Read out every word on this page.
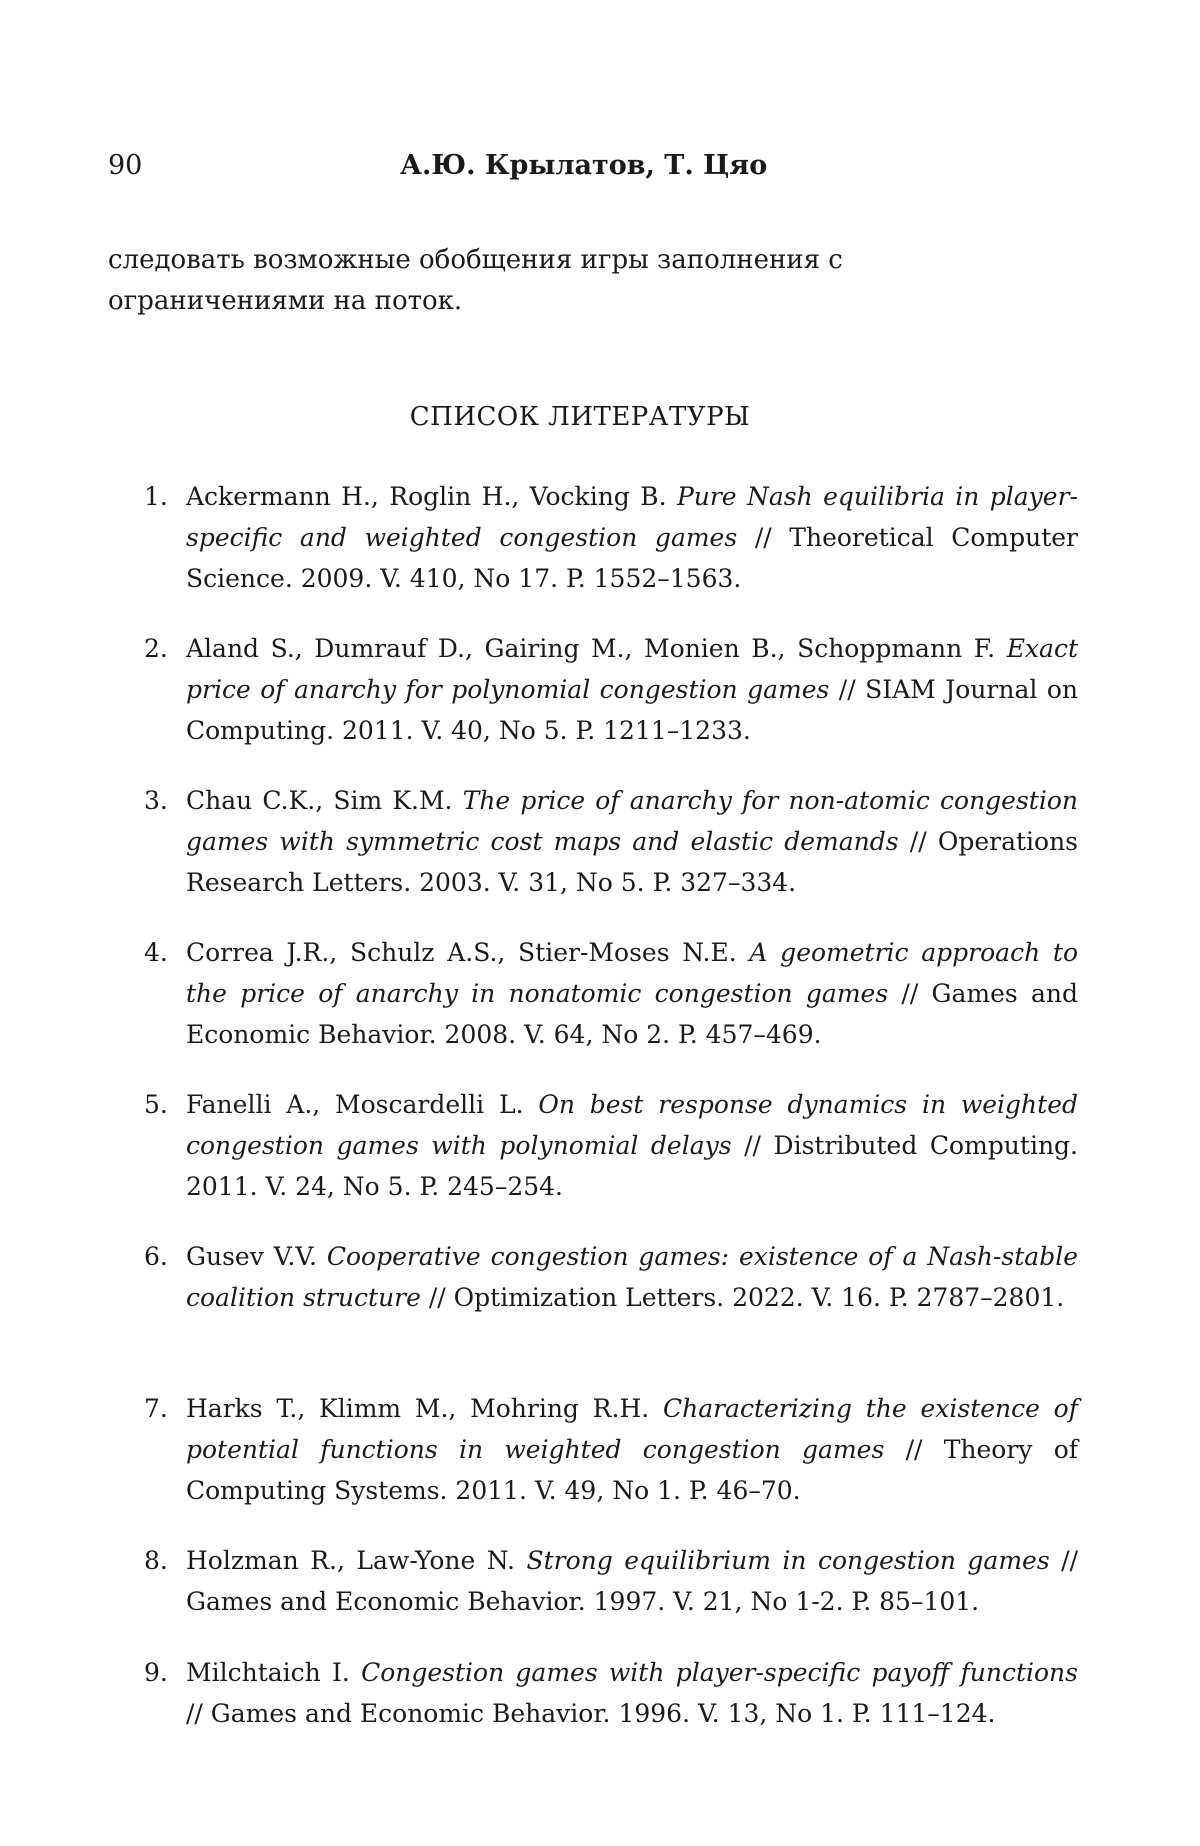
90	А.Ю. Крылатов, Т. Цяо

следовать возможные обобщения игры заполнения с ограничениями на поток.

СПИСОК ЛИТЕРАТУРЫ
1. Ackermann H., Roglin H., Vocking B. Pure Nash equilibria in player-specific and weighted congestion games // Theoretical Computer Science. 2009. V. 410, No 17. P. 1552–1563.
2. Aland S., Dumrauf D., Gairing M., Monien B., Schoppmann F. Exact price of anarchy for polynomial congestion games // SIAM Journal on Computing. 2011. V. 40, No 5. P. 1211–1233.
3. Chau C.K., Sim K.M. The price of anarchy for non-atomic congestion games with symmetric cost maps and elastic demands // Operations Research Letters. 2003. V. 31, No 5. P. 327–334.
4. Correa J.R., Schulz A.S., Stier-Moses N.E. A geometric approach to the price of anarchy in nonatomic congestion games // Games and Economic Behavior. 2008. V. 64, No 2. P. 457–469.
5. Fanelli A., Moscardelli L. On best response dynamics in weighted congestion games with polynomial delays // Distributed Computing. 2011. V. 24, No 5. P. 245–254.
6. Gusev V.V. Cooperative congestion games: existence of a Nash-stable coalition structure // Optimization Letters. 2022. V. 16. P. 2787–2801.
7. Harks T., Klimm M., Mohring R.H. Characterizing the existence of potential functions in weighted congestion games // Theory of Computing Systems. 2011. V. 49, No 1. P. 46–70.
8. Holzman R., Law-Yone N. Strong equilibrium in congestion games // Games and Economic Behavior. 1997. V. 21, No 1-2. P. 85–101.
9. Milchtaich I. Congestion games with player-specific payoff functions // Games and Economic Behavior. 1996. V. 13, No 1. P. 111–124.
